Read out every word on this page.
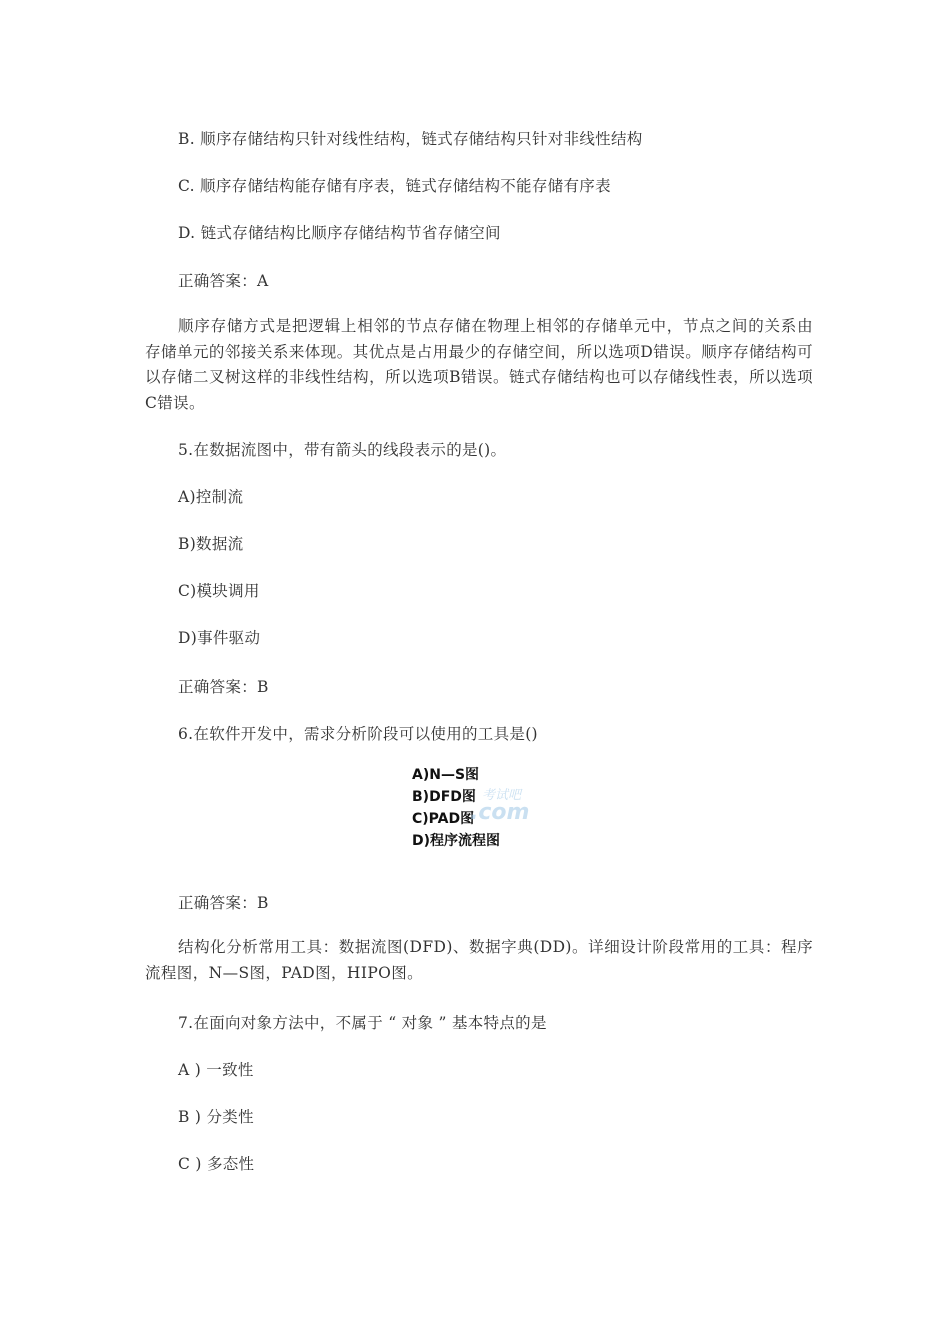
B. 顺序存储结构只针对线性结构，链式存储结构只针对非线性结构
C. 顺序存储结构能存储有序表，链式存储结构不能存储有序表
D. 链式存储结构比顺序存储结构节省存储空间
正确答案：A
顺序存储方式是把逻辑上相邻的节点存储在物理上相邻的存储单元中，节点之间的关系由存储单元的邻接关系来体现。其优点是占用最少的存储空间，所以选项D错误。顺序存储结构可以存储二叉树这样的非线性结构，所以选项B错误。链式存储结构也可以存储线性表，所以选项C错误。
5.在数据流图中，带有箭头的线段表示的是()。
A)控制流
B)数据流
C)模块调用
D)事件驱动
正确答案：B
6.在软件开发中，需求分析阶段可以使用的工具是()
A)N—S图
B)DFD图
C)PAD图
D)程序流程图
考试吧
.com
正确答案：B
结构化分析常用工具：数据流图(DFD)、数据字典(DD)。详细设计阶段常用的工具：程序流程图，N—S图，PAD图，HIPO图。
7.在面向对象方法中，不属于 “ 对象 ” 基本特点的是
A ) 一致性
B ) 分类性
C ) 多态性
